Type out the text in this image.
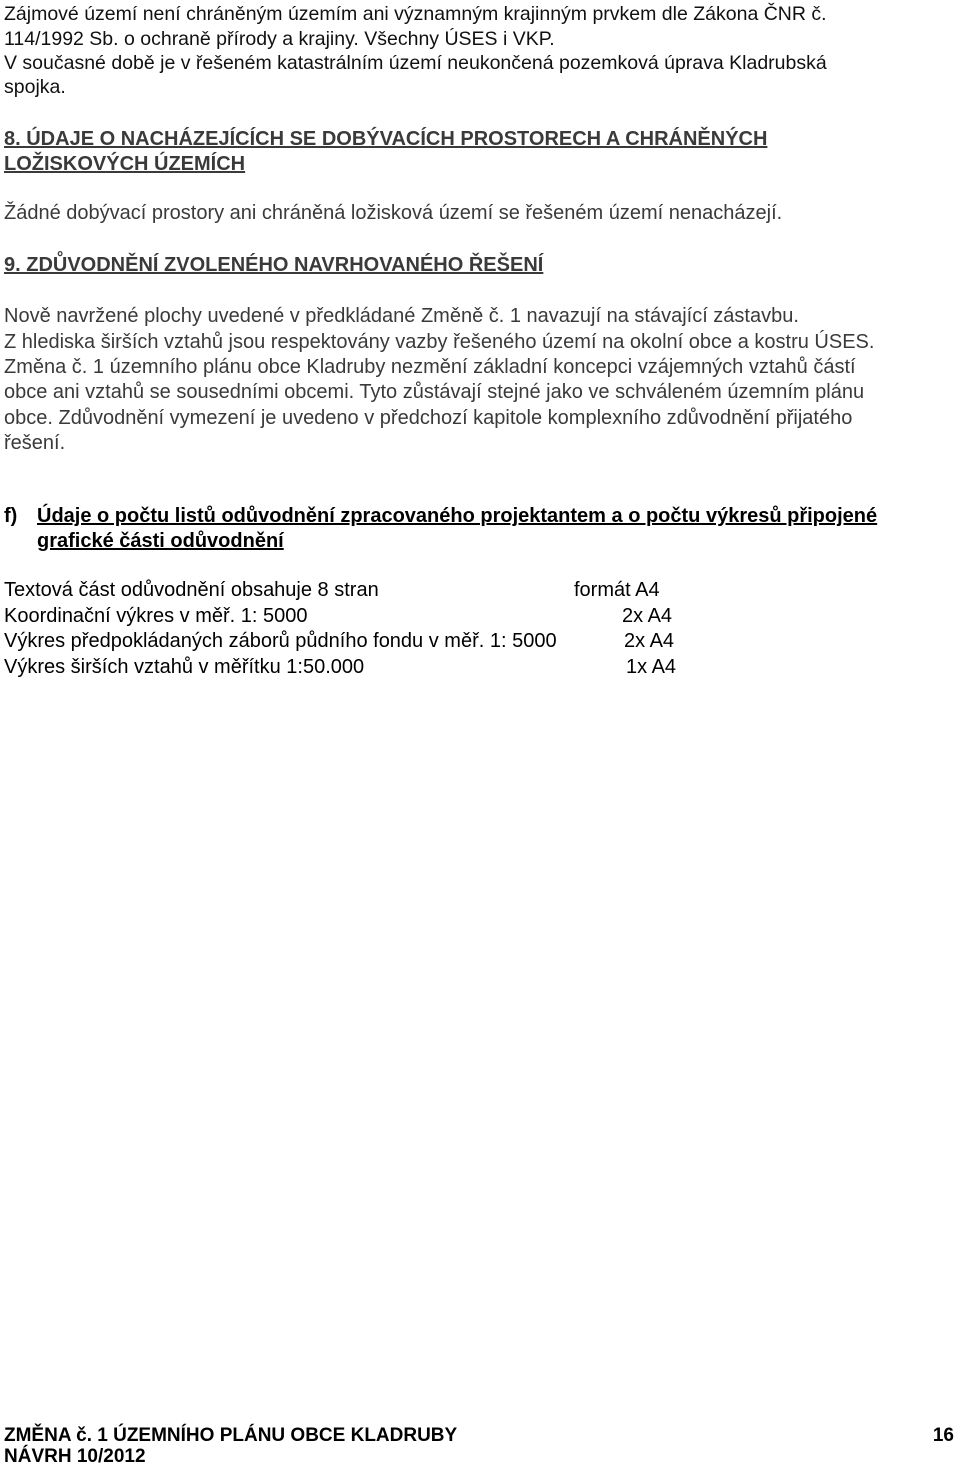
Zájmové území není chráněným územím ani významným krajinným prvkem dle Zákona ČNR č.
114/1992 Sb. o ochraně přírody a krajiny. Všechny ÚSES i VKP.
V současné době je v řešeném katastrálním území neukončená pozemková úprava Kladrubská
spojka.
8. ÚDAJE O NACHÁZEJÍCÍCH SE DOBÝVACÍCH PROSTORECH A CHRÁNĚNÝCH
LOŽISKOVÝCH ÚZEMÍCH
Žádné dobývací prostory ani chráněná ložisková území se řešeném území nenacházejí.
9. ZDŮVODNĚNÍ ZVOLENÉHO NAVRHOVANÉHO ŘEŠENÍ
Nově navržené plochy uvedené v předkládané Změně č. 1 navazují na stávající zástavbu.
Z hlediska širších vztahů jsou respektovány vazby řešeného území na okolní obce a kostru ÚSES.
Změna č. 1 územního plánu obce Kladruby nezmění základní koncepci vzájemných vztahů částí
obce ani vztahů se sousedními obcemi. Tyto zůstávají stejné jako ve schváleném územním plánu
obce. Zdůvodnění vymezení je uvedeno v předchozí kapitole komplexního zdůvodnění přijatého
řešení.
f) Údaje o počtu listů odůvodnění zpracovaného projektantem a o počtu výkresů připojené
grafické části odůvodnění
Textová část odůvodnění obsahuje 8 stran	formát A4
Koordinační výkres v měř. 1: 5000	2x A4
Výkres předpokládaných záborů půdního fondu v měř. 1: 5000	2x A4
Výkres širších vztahů v měřítku 1:50.000	1x A4
ZMĚNA č. 1 ÚZEMNÍHO PLÁNU OBCE KLADRUBY	16
NÁVRH 10/2012
